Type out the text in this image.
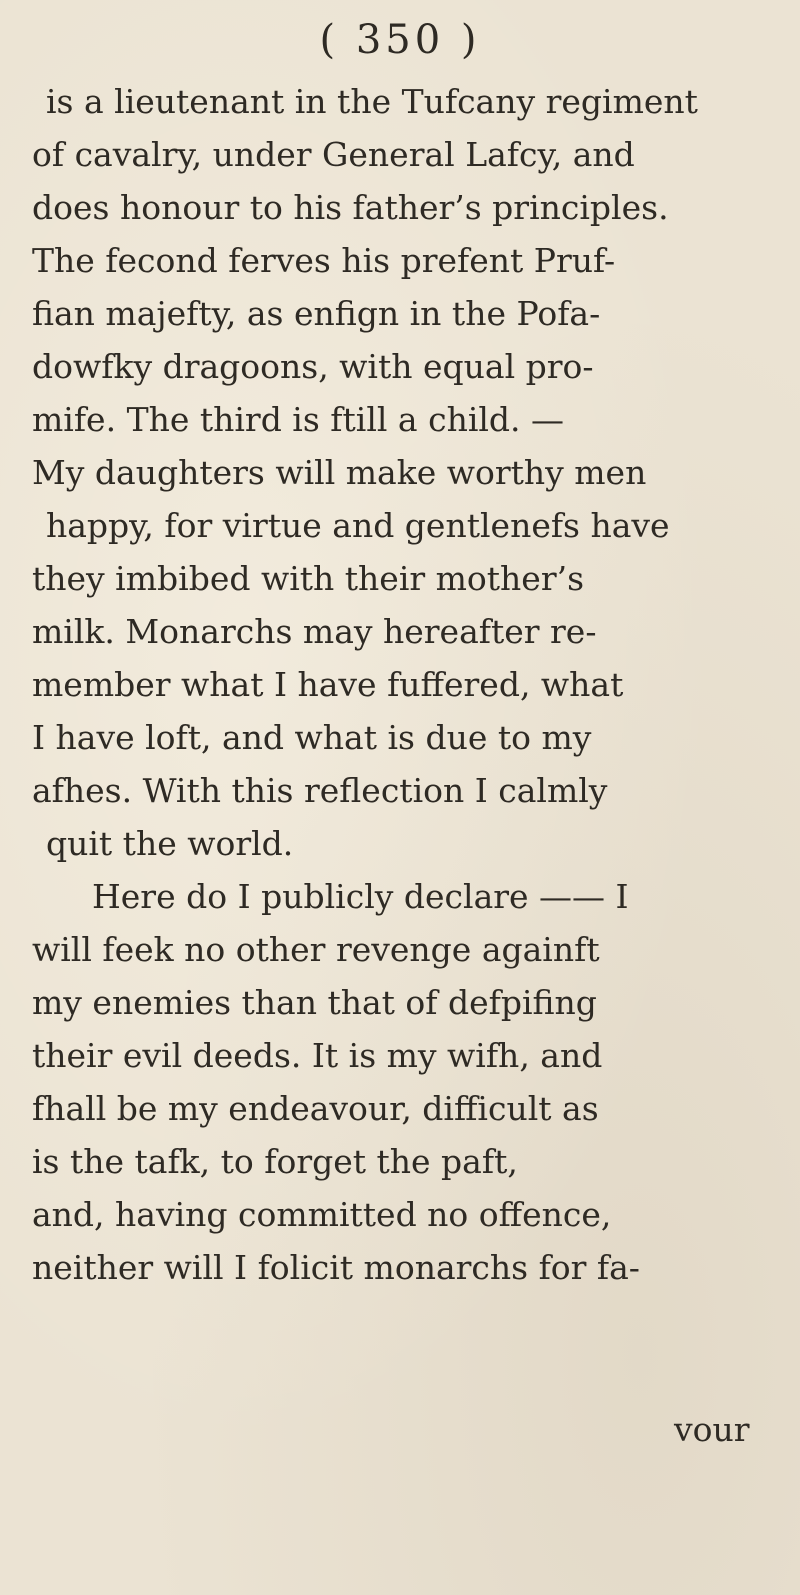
( 350 )
is a lieutenant in the Tufcany regiment
of cavalry, under General Lafcy, and
does honour to his father’s principles.
The fecond ferves his prefent Pruf-
fian majefty, as enfign in the Pofa-
dowfky dragoons, with equal pro-
mife. The third is ftill a child. —
My daughters will make worthy men
happy, for virtue and gentlenefs have
they imbibed with their mother’s
milk. Monarchs may hereafter re-
member what I have fuffered, what
I have loft, and what is due to my
afhes. With this reflection I calmly
quit the world.
Here do I publicly declare —— I
will feek no other revenge againft
my enemies than that of defpifing
their evil deeds. It is my wifh, and
fhall be my endeavour, difficult as
is the tafk, to forget the paft,
and, having committed no offence,
neither will I folicit monarchs for fa-
vour
